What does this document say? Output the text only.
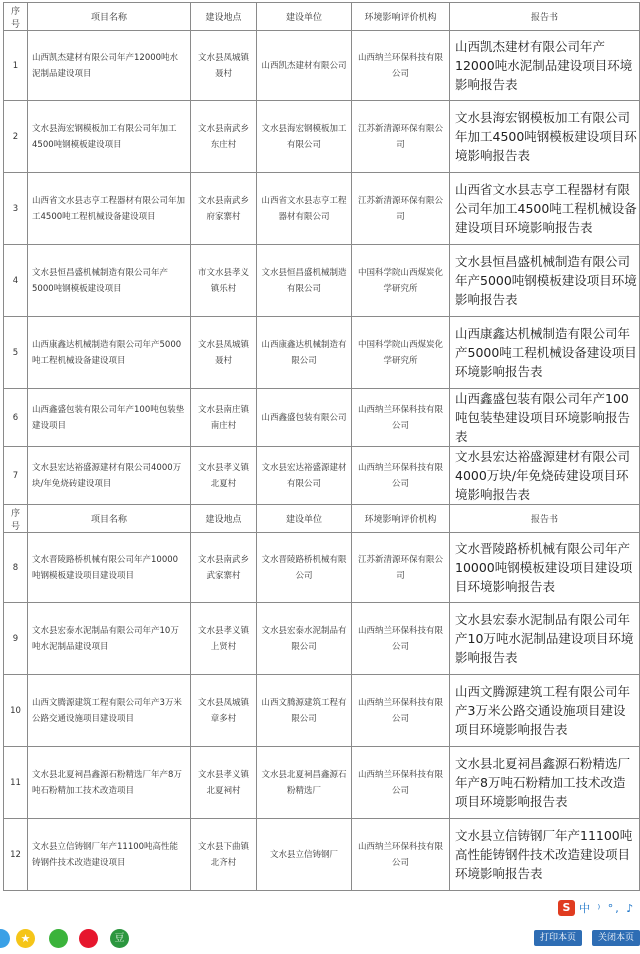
序号	项目名称	建设地点	建设单位	环境影响评价机构	报告书
1	山西凯杰建材有限公司年产12000吨水泥制品建设项目	文水县凤城镇聂村	山西凯杰建材有限公司	山西纳兰环保科技有限公司	山西凯杰建材有限公司年产12000吨水泥制品建设项目环境影响报告表
2	文水县海宏钢模板加工有限公司年加工4500吨钢模板建设项目	文水县南武乡东庄村	文水县海宏钢模板加工有限公司	江苏新清源环保有限公司	文水县海宏钢模板加工有限公司年加工4500吨钢模板建设项目环境影响报告表
3	山西省文水县志亨工程器材有限公司年加工4500吨工程机械设备建设项目	文水县南武乡府家寨村	山西省文水县志亨工程器材有限公司	江苏新清源环保有限公司	山西省文水县志亨工程器材有限公司年加工4500吨工程机械设备建设项目环境影响报告表
4	文水县恒昌盛机械制造有限公司年产5000吨钢模板建设项目	市文水县孝义镇乐村	文水县恒昌盛机械制造有限公司	中国科学院山西煤炭化学研究所	文水县恒昌盛机械制造有限公司年产5000吨钢模板建设项目环境影响报告表
5	山西康鑫达机械制造有限公司年产5000吨工程机械设备建设项目	文水县凤城镇聂村	山西康鑫达机械制造有限公司	中国科学院山西煤炭化学研究所	山西康鑫达机械制造有限公司年产5000吨工程机械设备建设项目环境影响报告表
6	山西鑫盛包装有限公司年产100吨包装垫建设项目	文水县南庄镇南庄村	山西鑫盛包装有限公司	山西纳兰环保科技有限公司	山西鑫盛包装有限公司年产100吨包装垫建设项目环境影响报告表
7	文水县宏达裕盛源建材有限公司4000万块/年免烧砖建设项目	文水县孝义镇北夏村	文水县宏达裕盛源建材有限公司	山西纳兰环保科技有限公司	文水县宏达裕盛源建材有限公司4000万块/年免烧砖建设项目环境影响报告表
序号	项目名称	建设地点	建设单位	环境影响评价机构	报告书
8	文水晋陵路桥机械有限公司年产10000吨钢模板建设项目建设项目	文水县南武乡武家寨村	文水晋陵路桥机械有限公司	江苏新清源环保有限公司	文水晋陵路桥机械有限公司年产10000吨钢模板建设项目建设项目环境影响报告表
9	文水县宏泰水泥制品有限公司年产10万吨水泥制品建设项目	文水县孝义镇上贤村	文水县宏泰水泥制品有限公司	山西纳兰环保科技有限公司	文水县宏泰水泥制品有限公司年产10万吨水泥制品建设项目环境影响报告表
10	山西文腾源建筑工程有限公司年产3万米公路交通设施项目建设项目	文水县凤城镇章多村	山西文腾源建筑工程有限公司	山西纳兰环保科技有限公司	山西文腾源建筑工程有限公司年产3万米公路交通设施项目建设项目环境影响报告表
11	文水县北夏祠昌鑫源石粉精选厂年产8万吨石粉精加工技术改造项目	文水县孝义镇北夏祠村	文水县北夏祠昌鑫源石粉精选厂	山西纳兰环保科技有限公司	文水县北夏祠昌鑫源石粉精选厂年产8万吨石粉精加工技术改造项目环境影响报告表
12	文水县立信铸钢厂年产11100吨高性能铸钢件技术改造建设项目	文水县下曲镇北齐村	文水县立信铸钢厂	山西纳兰环保科技有限公司	文水县立信铸钢厂年产11100吨高性能铸钢件技术改造建设项目环境影响报告表
S 中 ⁾ °, ♪
★	豆	打印本页	关闭本页
